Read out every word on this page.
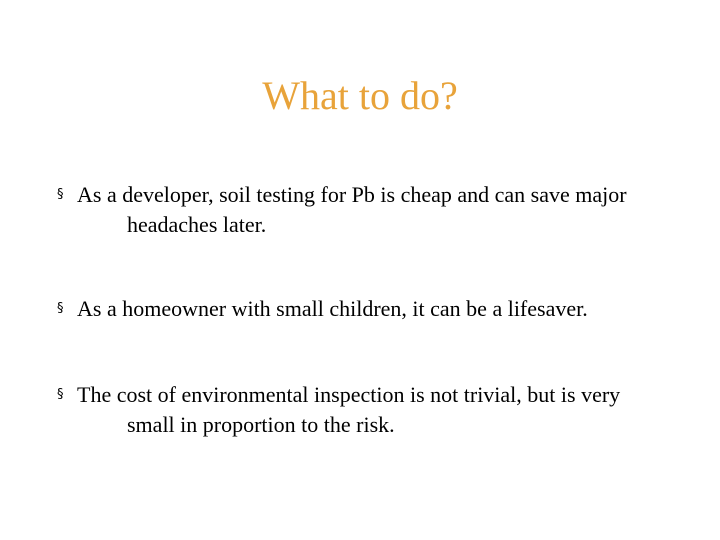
What to do?
§ As a developer, soil testing for Pb is cheap and can save major
headaches later.
§ As a homeowner with small children, it can be a lifesaver.
§ The cost of environmental inspection is not trivial, but is very
small in proportion to the risk.
